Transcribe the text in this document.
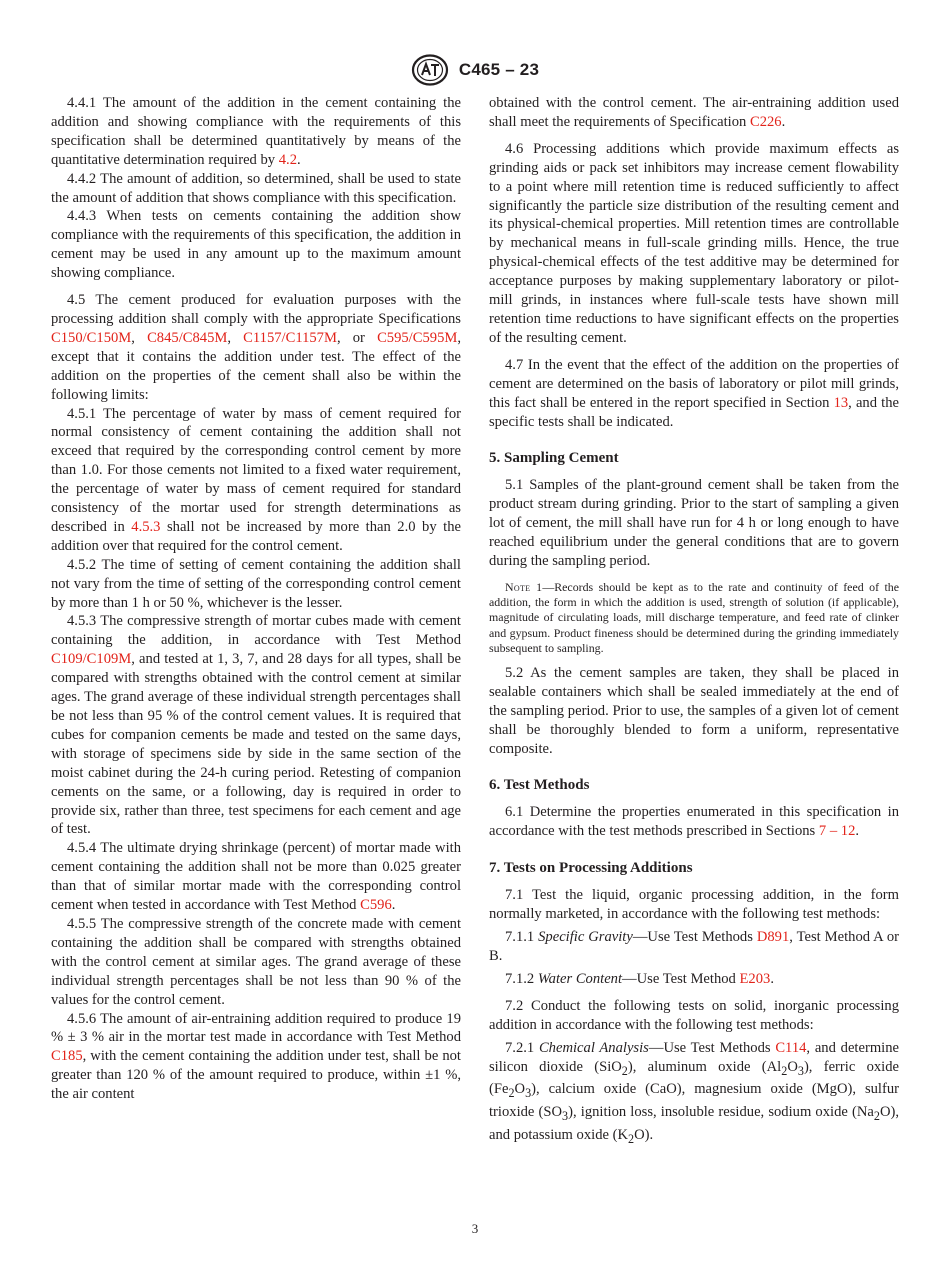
C465 – 23

4.4.1 The amount of the addition in the cement containing the addition and showing compliance with the requirements of this specification shall be determined quantitatively by means of the quantitative determination required by 4.2.

4.4.2 The amount of addition, so determined, shall be used to state the amount of addition that shows compliance with this specification.

4.4.3 When tests on cements containing the addition show compliance with the requirements of this specification, the addition in cement may be used in any amount up to the maximum amount showing compliance.

4.5 The cement produced for evaluation purposes with the processing addition shall comply with the appropriate Specifications C150/C150M, C845/C845M, C1157/C1157M, or C595/C595M, except that it contains the addition under test. The effect of the addition on the properties of the cement shall also be within the following limits:

4.5.1 The percentage of water by mass of cement required for normal consistency of cement containing the addition shall not exceed that required by the corresponding control cement by more than 1.0. For those cements not limited to a fixed water requirement, the percentage of water by mass of cement required for standard consistency of the mortar used for strength determinations as described in 4.5.3 shall not be increased by more than 2.0 by the addition over that required for the control cement.

4.5.2 The time of setting of cement containing the addition shall not vary from the time of setting of the corresponding control cement by more than 1 h or 50 %, whichever is the lesser.

4.5.3 The compressive strength of mortar cubes made with cement containing the addition, in accordance with Test Method C109/C109M, and tested at 1, 3, 7, and 28 days for all types, shall be compared with strengths obtained with the control cement at similar ages. The grand average of these individual strength percentages shall be not less than 95 % of the control cement values. It is required that cubes for companion cements be made and tested on the same days, with storage of specimens side by side in the same section of the moist cabinet during the 24-h curing period. Retesting of companion cements on the same, or a following, day is required in order to provide six, rather than three, test specimens for each cement and age of test.

4.5.4 The ultimate drying shrinkage (percent) of mortar made with cement containing the addition shall not be more than 0.025 greater than that of similar mortar made with the corresponding control cement when tested in accordance with Test Method C596.

4.5.5 The compressive strength of the concrete made with cement containing the addition shall be compared with strengths obtained with the control cement at similar ages. The grand average of these individual strength percentages shall be not less than 90 % of the values for the control cement.

4.5.6 The amount of air-entraining addition required to produce 19 % ± 3 % air in the mortar test made in accordance with Test Method C185, with the cement containing the addition under test, shall be not greater than 120 % of the amount required to produce, within ±1 %, the air content

obtained with the control cement. The air-entraining addition used shall meet the requirements of Specification C226.

4.6 Processing additions which provide maximum effects as grinding aids or pack set inhibitors may increase cement flowability to a point where mill retention time is reduced sufficiently to affect significantly the particle size distribution of the resulting cement and its physical-chemical properties. Mill retention times are controllable by mechanical means in full-scale grinding mills. Hence, the true physical-chemical effects of the test additive may be determined for acceptance purposes by making supplementary laboratory or pilot-mill grinds, in instances where full-scale tests have shown mill retention time reductions to have significant effects on the properties of the resulting cement.

4.7 In the event that the effect of the addition on the properties of cement are determined on the basis of laboratory or pilot mill grinds, this fact shall be entered in the report specified in Section 13, and the specific tests shall be indicated.

5. Sampling Cement

5.1 Samples of the plant-ground cement shall be taken from the product stream during grinding. Prior to the start of sampling a given lot of cement, the mill shall have run for 4 h or long enough to have reached equilibrium under the general conditions that are to govern during the sampling period.

Note 1—Records should be kept as to the rate and continuity of feed of the addition, the form in which the addition is used, strength of solution (if applicable), magnitude of circulating loads, mill discharge temperature, and feed rate of clinker and gypsum. Product fineness should be determined during the grinding immediately subsequent to sampling.

5.2 As the cement samples are taken, they shall be placed in sealable containers which shall be sealed immediately at the end of the sampling period. Prior to use, the samples of a given lot of cement shall be thoroughly blended to form a uniform, representative composite.

6. Test Methods

6.1 Determine the properties enumerated in this specification in accordance with the test methods prescribed in Sections 7 – 12.

7. Tests on Processing Additions

7.1 Test the liquid, organic processing addition, in the form normally marketed, in accordance with the following test methods:

7.1.1 Specific Gravity—Use Test Methods D891, Test Method A or B.

7.1.2 Water Content—Use Test Method E203.

7.2 Conduct the following tests on solid, inorganic processing addition in accordance with the following test methods:

7.2.1 Chemical Analysis—Use Test Methods C114, and determine silicon dioxide (SiO$_2$), aluminum oxide $(Al_2O_3)$, ferric oxide $(Fe_2O_3)$, calcium oxide (CaO), magnesium oxide (MgO), sulfur trioxide $(SO_3)$, ignition loss, insoluble residue, sodium oxide $(Na_2O)$, and potassium oxide $(K_2O)$.

3
